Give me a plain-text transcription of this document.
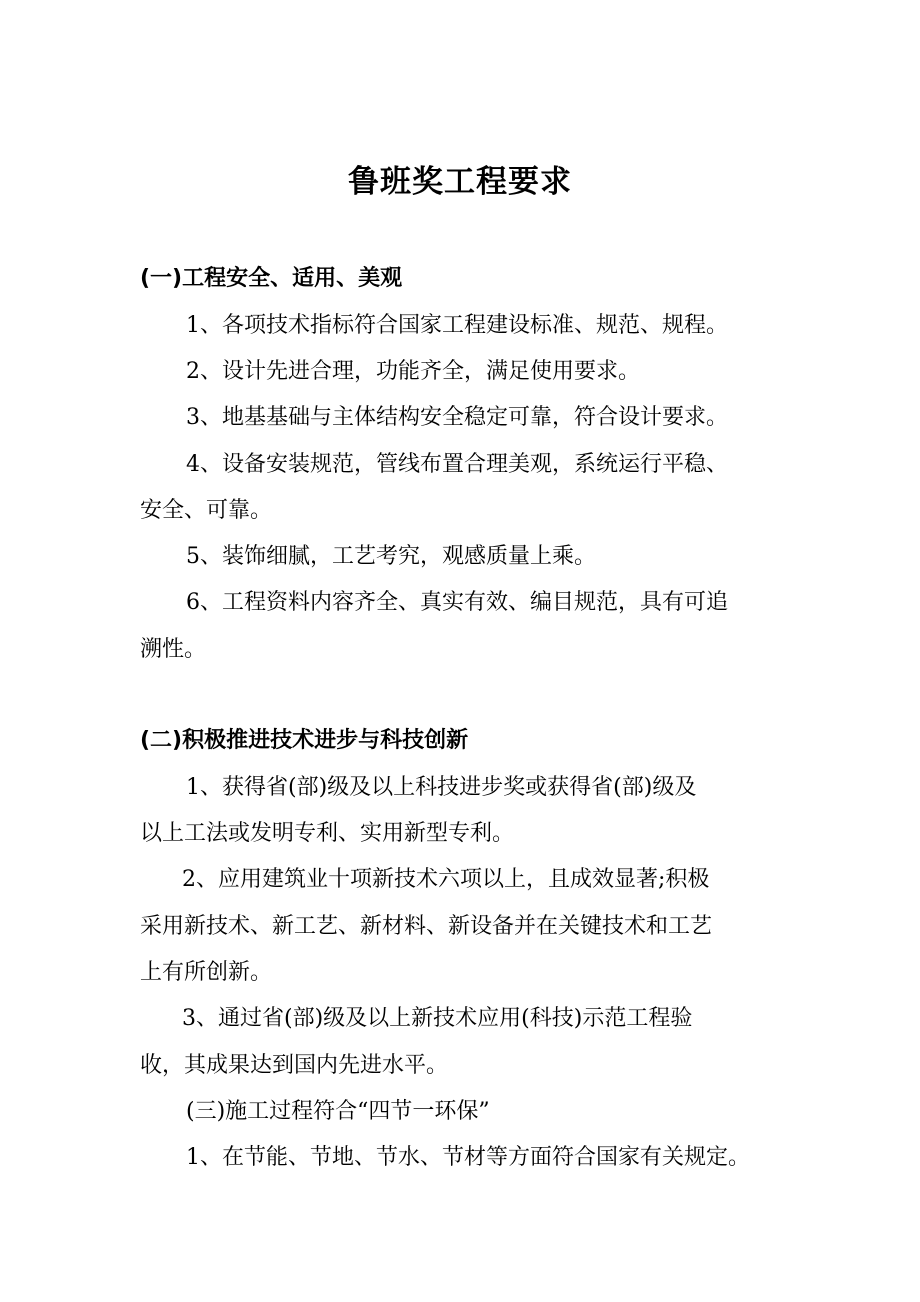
鲁班奖工程要求
(一)工程安全、适用、美观
1、各项技术指标符合国家工程建设标准、规范、规程。
2、设计先进合理，功能齐全，满足使用要求。
3、地基基础与主体结构安全稳定可靠，符合设计要求。
4、设备安装规范，管线布置合理美观，系统运行平稳、
安全、可靠。
5、装饰细腻，工艺考究，观感质量上乘。
6、工程资料内容齐全、真实有效、编目规范，具有可追
溯性。
(二)积极推进技术进步与科技创新
1、获得省(部)级及以上科技进步奖或获得省(部)级及
以上工法或发明专利、实用新型专利。
2、应用建筑业十项新技术六项以上，且成效显著;积极
采用新技术、新工艺、新材料、新设备并在关键技术和工艺
上有所创新。
3、通过省(部)级及以上新技术应用(科技)示范工程验
收，其成果达到国内先进水平。
(三)施工过程符合“四节一环保”
1、在节能、节地、节水、节材等方面符合国家有关规定。
